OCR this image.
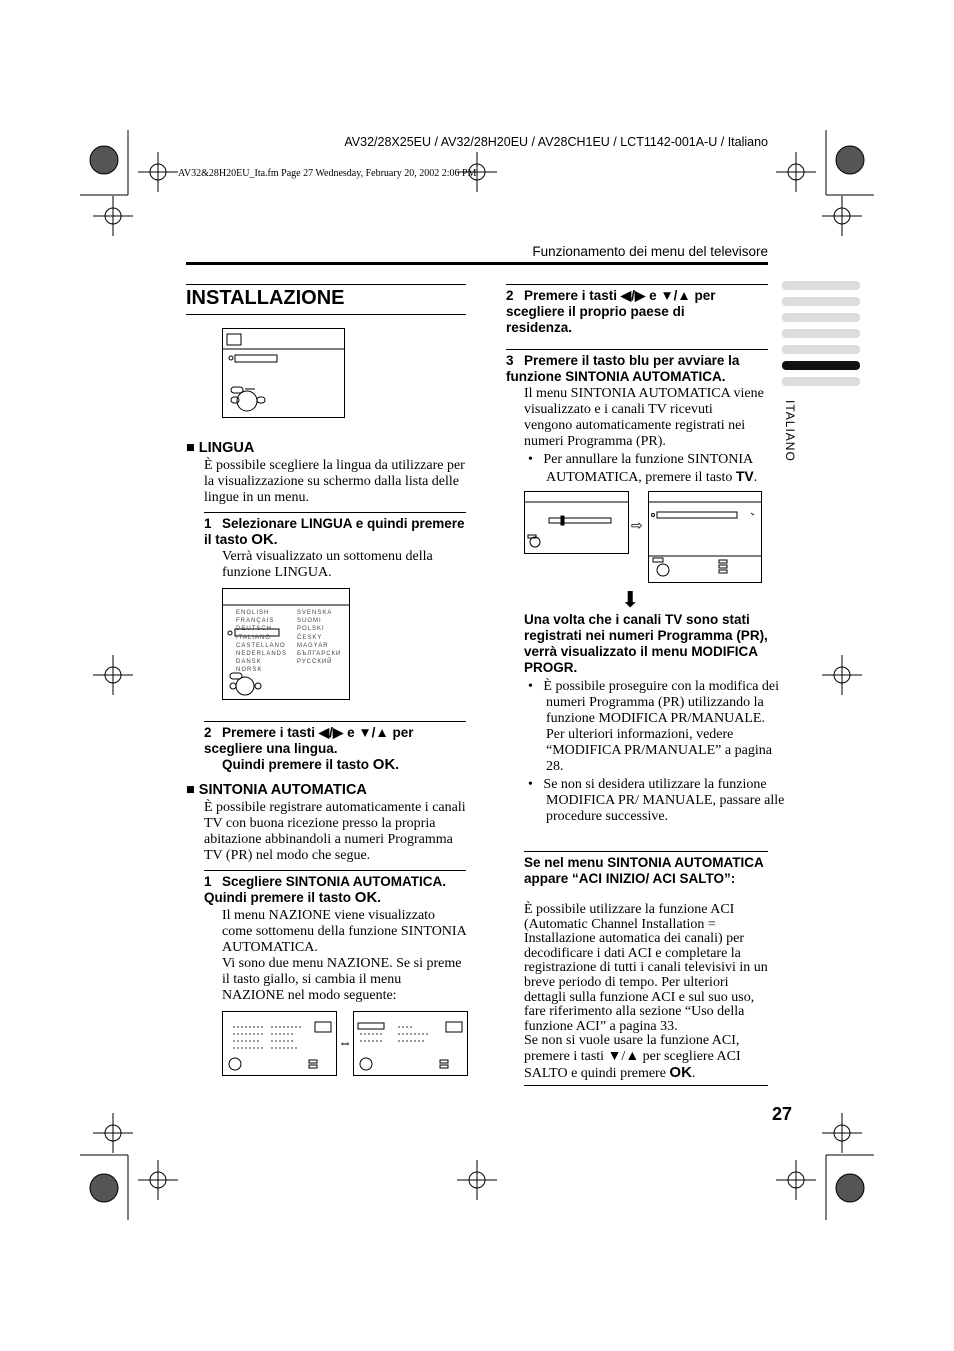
AV32/28X25EU / AV32/28H20EU / AV28CH1EU / LCT1142-001A-U / Italiano
AV32&28H20EU_Ita.fm Page 27 Wednesday, February 20, 2002 2:06 PM
Funzionamento dei menu del televisore
ITALIANO
INSTALLAZIONE
■ LINGUA
È possibile scegliere la lingua da utilizzare per la visualizzazione su schermo dalla lista delle lingue in un menu.
1 Selezionare LINGUA e quindi premere il tasto OK.
Verrà visualizzato un sottomenu della funzione LINGUA.
ENGLISH
FRANÇAIS
DEUTSCH
ITALIANO
CASTELLANO
NEDERLANDS
DANSK
NORSK
SVENSKA
SUOMI
POLSKI
ČESKY
MAGYAR
БЪЛГАРСКИ
РУССКИЙ
2 Premere i tasti ◀/▶ e ▼/▲ per scegliere una lingua.
Quindi premere il tasto OK.
■ SINTONIA AUTOMATICA
È possibile registrare automaticamente i canali TV con buona ricezione presso la propria abitazione abbinandoli a numeri Programma TV (PR) nel modo che segue.
1 Scegliere SINTONIA AUTOMATICA. Quindi premere il tasto OK.
Il menu NAZIONE viene visualizzato come sottomenu della funzione SINTONIA AUTOMATICA.
Vi sono due menu NAZIONE. Se si preme il tasto giallo, si cambia il menu NAZIONE nel modo seguente:
⇔
2 Premere i tasti ◀/▶ e ▼/▲ per scegliere il proprio paese di residenza.
3 Premere il tasto blu per avviare la funzione SINTONIA AUTOMATICA.
Il menu SINTONIA AUTOMATICA viene visualizzato e i canali TV ricevuti vengono automaticamente registrati nei numeri Programma (PR).
•   Per annullare la funzione SINTONIA AUTOMATICA, premere il tasto TV.
⇨
⬇
Una volta che i canali TV sono stati registrati nei numeri Programma (PR), verrà visualizzato il menu MODIFICA PROGR.
•   È possibile proseguire con la modifica dei numeri Programma (PR) utilizzando la funzione MODIFICA PR/MANUALE. Per ulteriori informazioni, vedere “MODIFICA PR/MANUALE” a pagina 28.
•   Se non si desidera utilizzare la funzione MODIFICA PR/ MANUALE, passare alle procedure successive.
Se nel menu SINTONIA AUTOMATICA appare “ACI INIZIO/ ACI SALTO”:
È possibile utilizzare la funzione ACI (Automatic Channel Installation = Installazione automatica dei canali) per decodificare i dati ACI e completare la registrazione di tutti i canali televisivi in un breve periodo di tempo. Per ulteriori dettagli sulla funzione ACI e sul suo uso, fare riferimento alla sezione “Uso della funzione ACI” a pagina 33.
Se non si vuole usare la funzione ACI, premere i tasti ▼/▲ per scegliere ACI SALTO e quindi premere OK.
27
